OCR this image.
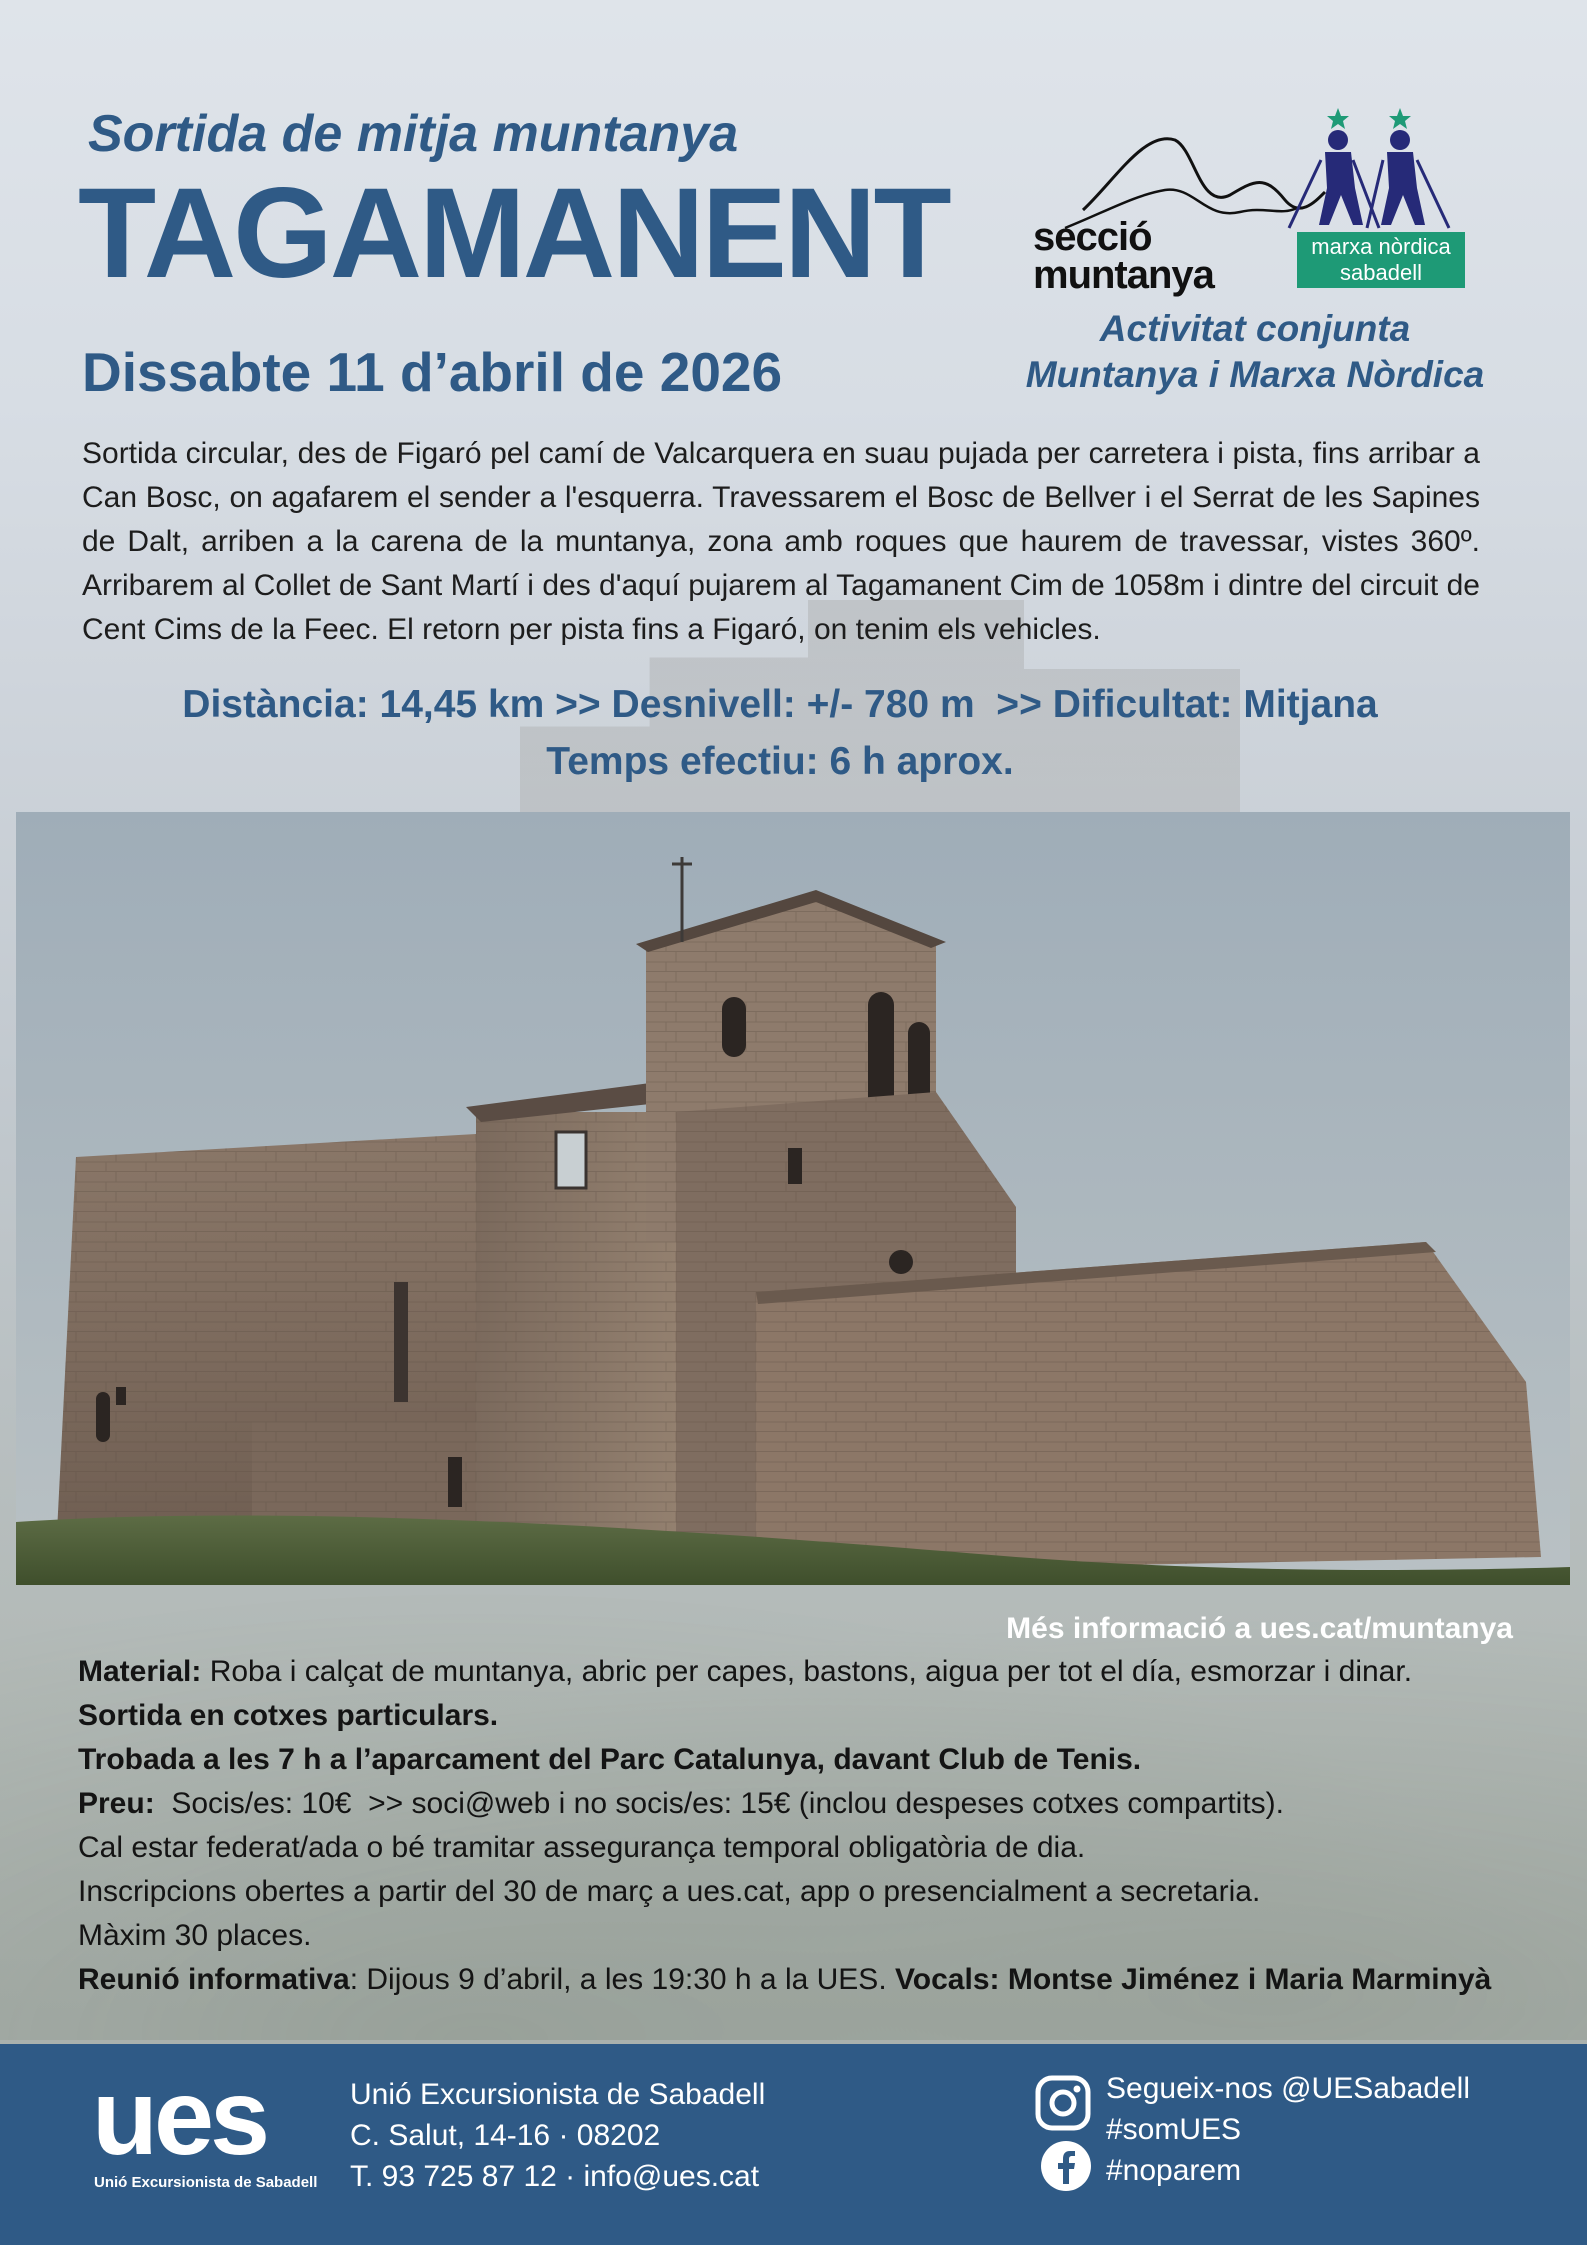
Sortida de mitja muntanya
TAGAMANENT
Dissabte 11 d’abril de 2026
secció
muntanya
marxa nòrdica
sabadell
Activitat conjunta
Muntanya i Marxa Nòrdica
Sortida circular, des de Figaró pel camí de Valcarquera en suau pujada per carretera i pista, fins arribar a Can Bosc, on agafarem el sender a l'esquerra. Travessarem el Bosc de Bellver i el Serrat de les Sapines de Dalt, arriben a la carena de la muntanya, zona amb roques que haurem de travessar, vistes 360º. Arribarem al Collet de Sant Martí i des d'aquí pujarem al Tagamanent Cim de 1058m i dintre del circuit de Cent Cims de la Feec. El retorn per pista fins a Figaró, on tenim els vehicles.
Distància: 14,45 km >> Desnivell: +/- 780 m  >> Dificultat: Mitjana
Temps efectiu: 6 h aprox.
Més informació a ues.cat/muntanya

Material: Roba i calçat de muntanya, abric per capes, bastons, aigua per tot el día, esmorzar i dinar.

Sortida en cotxes particulars.

Trobada a les 7 h a l’aparcament del Parc Catalunya, davant Club de Tenis.

Preu:  Socis/es: 10€  >> soci@web i no socis/es: 15€ (inclou despeses cotxes compartits).

Cal estar federat/ada o bé tramitar assegurança temporal obligatòria de dia.

Inscripcions obertes a partir del 30 de març a ues.cat, app o presencialment a secretaria.

Màxim 30 places.

Reunió informativa: Dijous 9 d’abril, a les 19:30 h a la UES. Vocals: Montse Jiménez i Maria Marminyà

ues
Unió Excursionista de Sabadell
Unió Excursionista de Sabadell
C. Salut, 14-16 · 08202
T. 93 725 87 12 · info@ues.cat
Segueix-nos @UESabadell
#somUES
#noparem
